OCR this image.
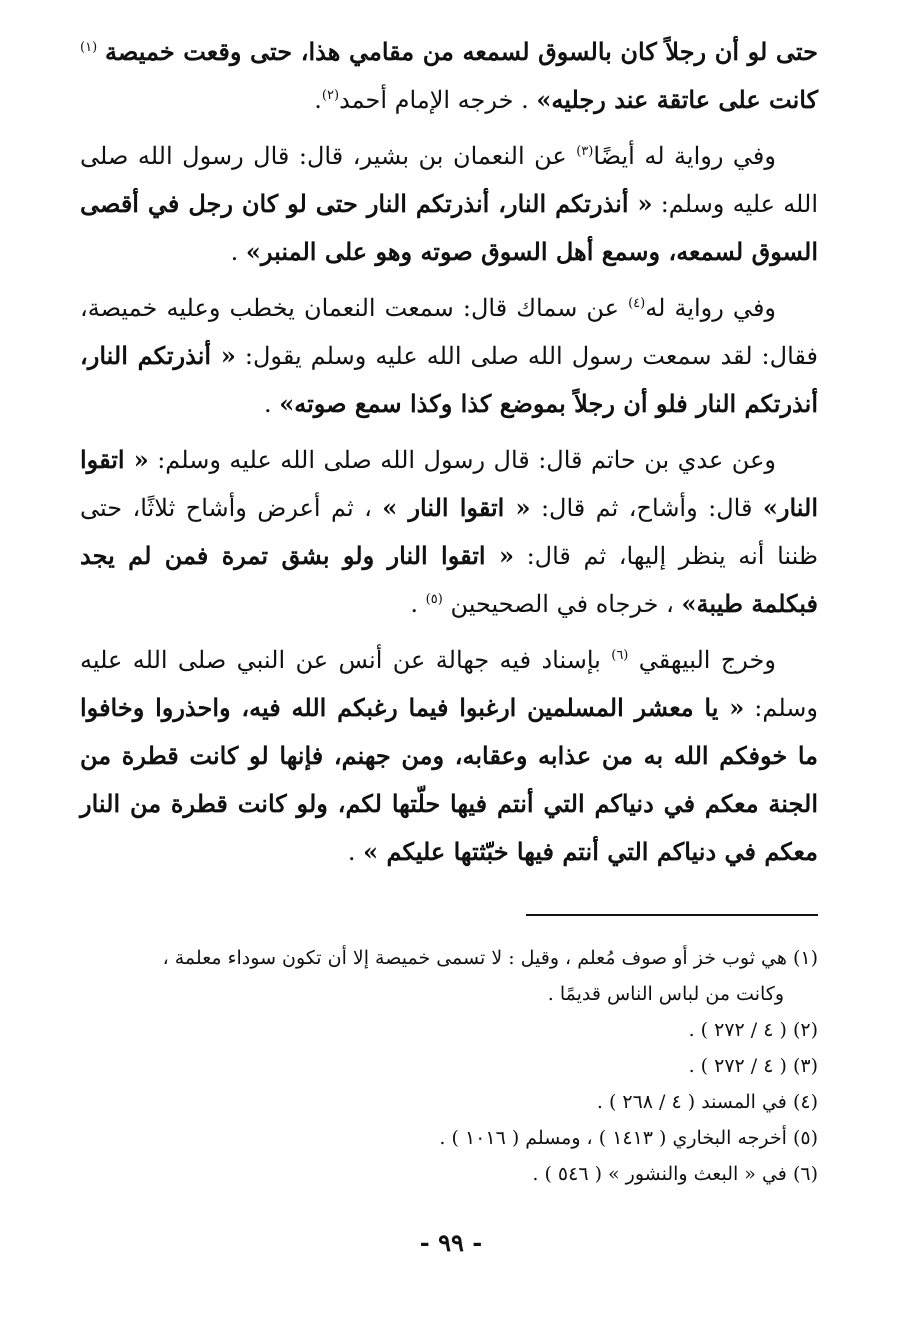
حتى لو أن رجلاً كان بالسوق لسمعه من مقامي هذا، حتى وقعت خميصة $^{(١)}$ كانت على عاتقة عند رجليه» . خرجه الإمام أحمد$^{(٢)}$.

وفي رواية له أيضًا$^{(٣)}$ عن النعمان بن بشير، قال: قال رسول الله صلى الله عليه وسلم: « أنذرتكم النار، أنذرتكم النار حتى لو كان رجل في أقصى السوق لسمعه، وسمع أهل السوق صوته وهو على المنبر» .

وفي رواية له$^{(٤)}$ عن سماك قال: سمعت النعمان يخطب وعليه خميصة، فقال: لقد سمعت رسول الله صلى الله عليه وسلم يقول: « أنذرتكم النار، أنذرتكم النار فلو أن رجلاً بموضع كذا وكذا سمع صوته» .

وعن عدي بن حاتم قال: قال رسول الله صلى الله عليه وسلم: « اتقوا النار» قال: وأشاح، ثم قال: « اتقوا النار » ، ثم أعرض وأشاح ثلاثًا، حتى ظننا أنه ينظر إليها، ثم قال: « اتقوا النار ولو بشق تمرة فمن لم يجد فبكلمة طيبة» ، خرجاه في الصحيحين $^{(٥)}$ .

وخرج البيهقي $^{(٦)}$ بإسناد فيه جهالة عن أنس عن النبي صلى الله عليه وسلم: « يا معشر المسلمين ارغبوا فيما رغبكم الله فيه، واحذروا وخافوا ما خوفكم الله به من عذابه وعقابه، ومن جهنم، فإنها لو كانت قطرة من الجنة معكم في دنياكم التي أنتم فيها حلّتها لكم، ولو كانت قطرة من النار معكم في دنياكم التي أنتم فيها خبّثتها عليكم » .

(١) هي ثوب خز أو صوف مُعلم ، وقيل : لا تسمى خميصة إلا أن تكون سوداء معلمة ،
وكانت من لباس الناس قديمًا .

(٢) ( ٤ / ٢٧٢ ) .

(٣) ( ٤ / ٢٧٢ ) .

(٤) في المسند ( ٤ / ٢٦٨ ) .

(٥) أخرجه البخاري ( ١٤١٣ ) ، ومسلم ( ١٠١٦ ) .

(٦) في « البعث والنشور » ( ٥٤٦ ) .

- ٩٩ -
